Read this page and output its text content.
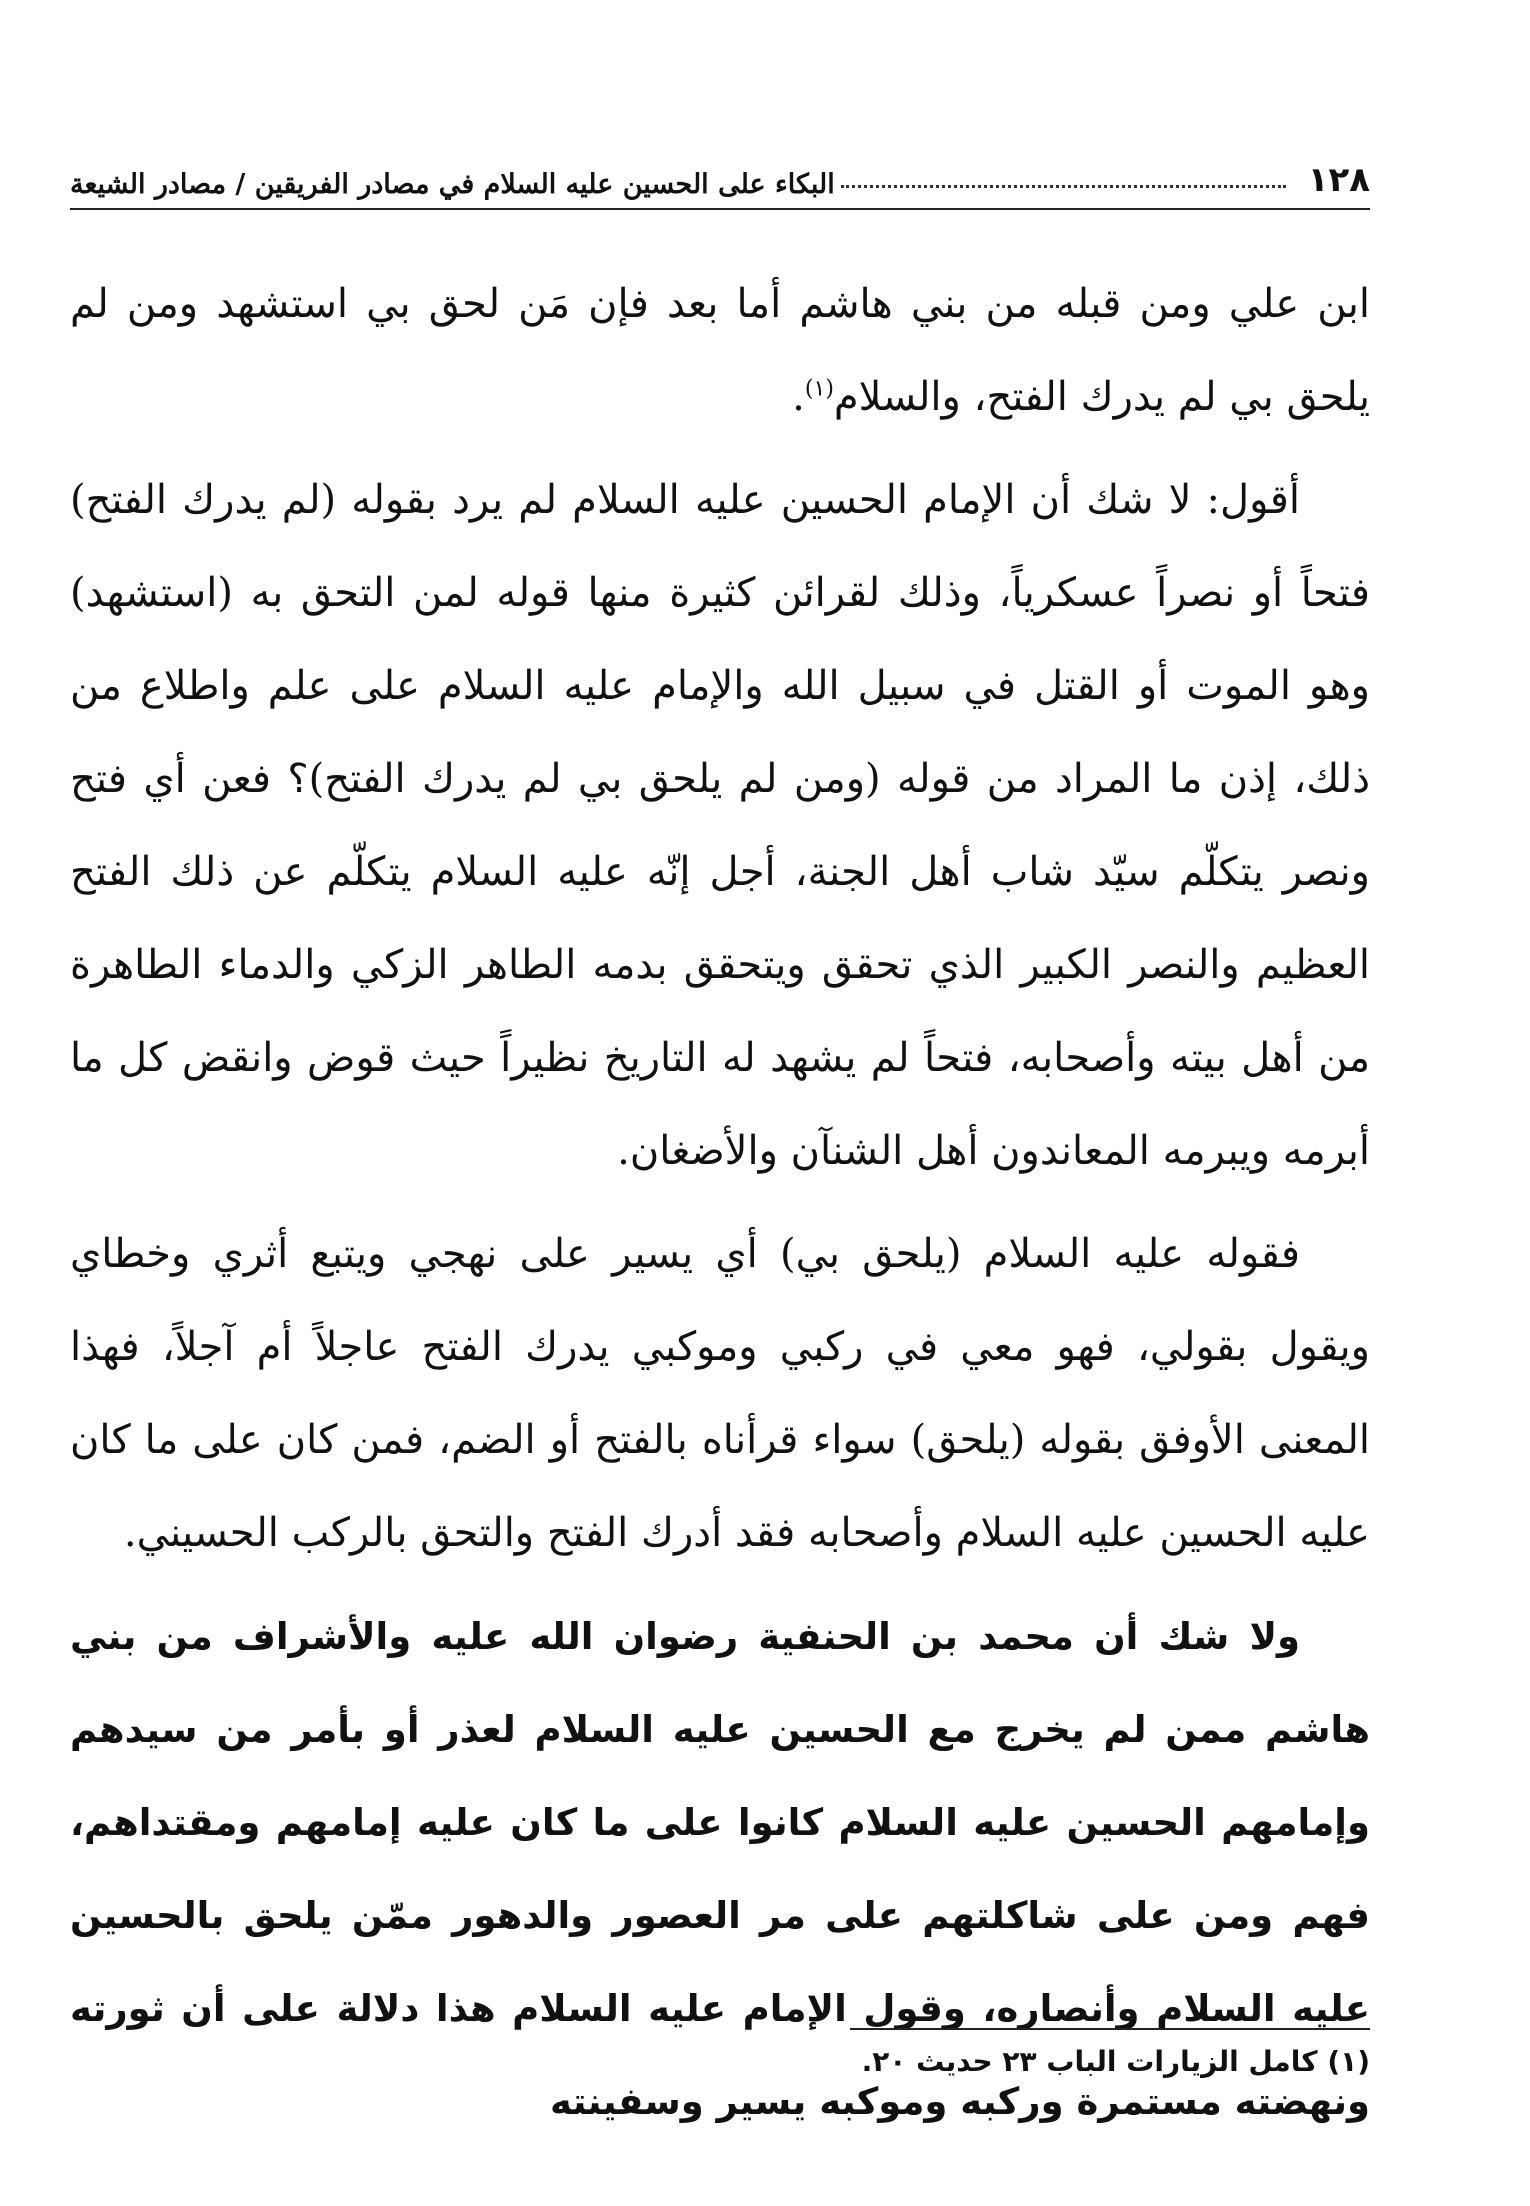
١٢٨
البكاء على الحسين عليه السلام في مصادر الفريقين / مصادر الشيعة

ابن علي ومن قبله من بني هاشم أما بعد فإن مَن لحق بي استشهد ومن لم يلحق بي لم يدرك الفتح، والسلام$^{(١)}$.

أقول: لا شك أن الإمام الحسين عليه السلام لم يرد بقوله (لم يدرك الفتح) فتحاً أو نصراً عسكرياً، وذلك لقرائن كثيرة منها قوله لمن التحق به (استشهد) وهو الموت أو القتل في سبيل الله والإمام عليه السلام على علم واطلاع من ذلك، إذن ما المراد من قوله (ومن لم يلحق بي لم يدرك الفتح)؟ فعن أي فتح ونصر يتكلّم سيّد شاب أهل الجنة، أجل إنّه عليه السلام يتكلّم عن ذلك الفتح العظيم والنصر الكبير الذي تحقق ويتحقق بدمه الطاهر الزكي والدماء الطاهرة من أهل بيته وأصحابه، فتحاً لم يشهد له التاريخ نظيراً حيث قوض وانقض كل ما أبرمه ويبرمه المعاندون أهل الشنآن والأضغان.

فقوله عليه السلام (يلحق بي) أي يسير على نهجي ويتبع أثري وخطاي ويقول بقولي، فهو معي في ركبي وموكبي يدرك الفتح عاجلاً أم آجلاً، فهذا المعنى الأوفق بقوله (يلحق) سواء قرأناه بالفتح أو الضم، فمن كان على ما كان عليه الحسين عليه السلام وأصحابه فقد أدرك الفتح والتحق بالركب الحسيني.

ولا شك أن محمد بن الحنفية رضوان الله عليه والأشراف من بني هاشم ممن لم يخرج مع الحسين عليه السلام لعذر أو بأمر من سيدهم وإمامهم الحسين عليه السلام كانوا على ما كان عليه إمامهم ومقتداهم، فهم ومن على شاكلتهم على مر العصور والدهور ممّن يلحق بالحسين عليه السلام وأنصاره، وقول الإمام عليه السلام هذا دلالة على أن ثورته ونهضته مستمرة وركبه وموكبه يسير وسفينته

(١) كامل الزيارات الباب ٢٣ حديث ٢٠.
